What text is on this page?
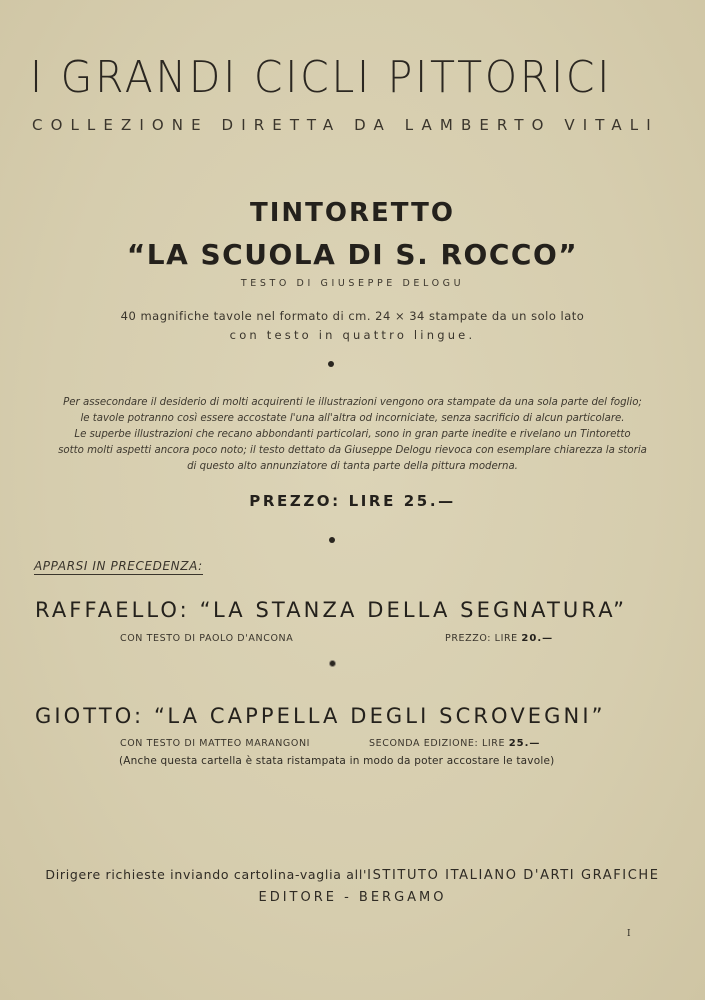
I GRANDI CICLI PITTORICI
COLLEZIONE DIRETTA DA LAMBERTO VITALI
TINTORETTO
“LA SCUOLA DI S. ROCCO”
TESTO DI GIUSEPPE DELOGU
40 magnifiche tavole nel formato di cm. 24 × 34 stampate da un solo lato
con testo in quattro lingue.
Per assecondare il desiderio di molti acquirenti le illustrazioni vengono ora stampate da una sola parte del foglio;
le tavole potranno così essere accostate l'una all'altra od incorniciate, senza sacrificio di alcun particolare.
Le superbe illustrazioni che recano abbondanti particolari, sono in gran parte inedite e rivelano un Tintoretto
sotto molti aspetti ancora poco noto; il testo dettato da Giuseppe Delogu rievoca con esemplare chiarezza la storia
di questo alto annunziatore di tanta parte della pittura moderna.
PREZZO: LIRE 25.—
APPARSI IN PRECEDENZA:
RAFFAELLO: “LA STANZA DELLA SEGNATURA”
CON TESTO DI PAOLO D'ANCONA	PREZZO: LIRE 20.—
GIOTTO: “LA CAPPELLA DEGLI SCROVEGNI”
CON TESTO DI MATTEO MARANGONI	SECONDA EDIZIONE: LIRE 25.—
(Anche questa cartella è stata ristampata in modo da poter accostare le tavole)
Dirigere richieste inviando cartolina-vaglia all'ISTITUTO ITALIANO D'ARTI GRAFICHE
EDITORE - BERGAMO
I
